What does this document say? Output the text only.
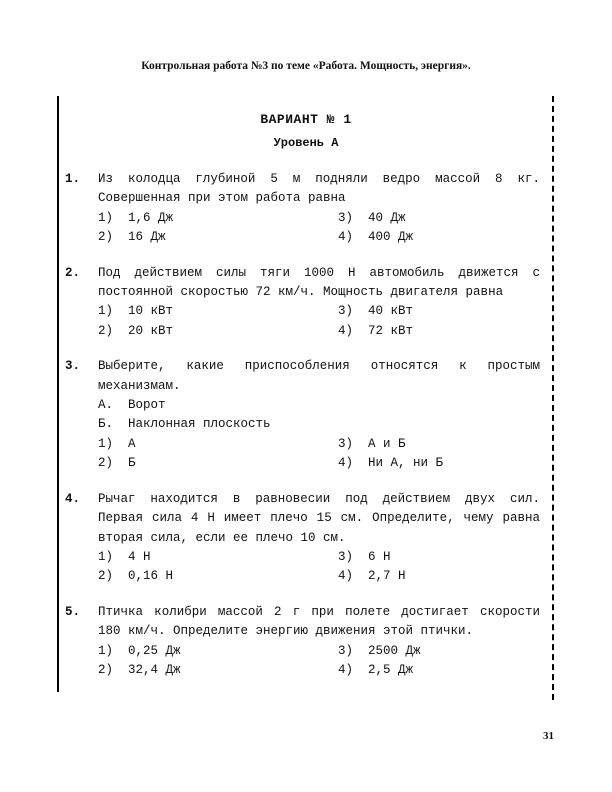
Контрольная работа №3 по теме «Работа. Мощность, энергия».
ВАРИАНТ № 1
Уровень А
1. Из колодца глубиной 5 м подняли ведро массой 8 кг. Совершенная при этом работа равна
1) 1,6 Дж	3) 40 Дж
2) 16 Дж	4) 400 Дж
2. Под действием силы тяги 1000 Н автомобиль движется с постоянной скоростью 72 км/ч. Мощность двигателя равна
1) 10 кВт	3) 40 кВт
2) 20 кВт	4) 72 кВт
3. Выберите, какие приспособления относятся к простым механизмам.
А. Ворот
Б. Наклонная плоскость
1) А	3) А и Б
2) Б	4) Ни А, ни Б
4. Рычаг находится в равновесии под действием двух сил. Первая сила 4 Н имеет плечо 15 см. Определите, чему равна вторая сила, если ее плечо 10 см.
1) 4 Н	3) 6 Н
2) 0,16 Н	4) 2,7 Н
5. Птичка колибри массой 2 г при полете достигает скорости 180 км/ч. Определите энергию движения этой птички.
1) 0,25 Дж	3) 2500 Дж
2) 32,4 Дж	4) 2,5 Дж
31
